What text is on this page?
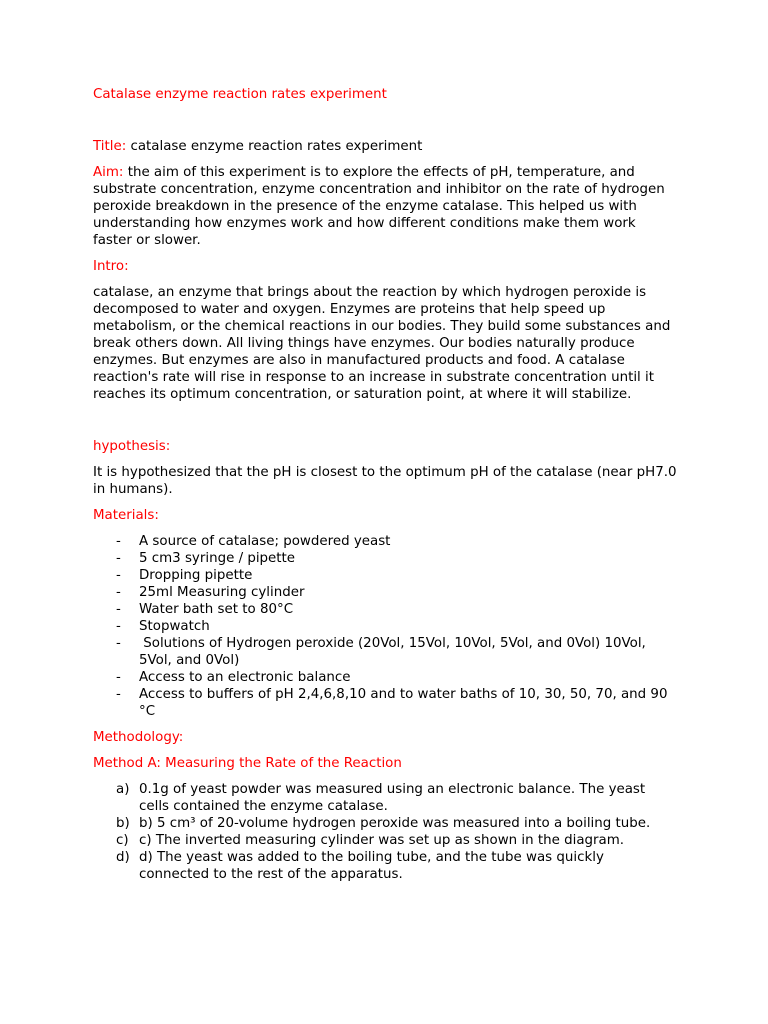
Catalase enzyme reaction rates experiment

Title: catalase enzyme reaction rates experiment

Aim: the aim of this experiment is to explore the effects of pH, temperature, and substrate concentration, enzyme concentration and inhibitor on the rate of hydrogen peroxide breakdown in the presence of the enzyme catalase. This helped us with understanding how enzymes work and how different conditions make them work faster or slower.

Intro:

catalase, an enzyme that brings about the reaction by which hydrogen peroxide is decomposed to water and oxygen. Enzymes are proteins that help speed up metabolism, or the chemical reactions in our bodies. They build some substances and break others down. All living things have enzymes. Our bodies naturally produce enzymes. But enzymes are also in manufactured products and food. A catalase reaction's rate will rise in response to an increase in substrate concentration until it reaches its optimum concentration, or saturation point, at where it will stabilize.

hypothesis:

It is hypothesized that the pH is closest to the optimum pH of the catalase (near pH7.0 in humans).

Materials:

- A source of catalase; powdered yeast
- 5 cm3 syringe / pipette
- Dropping pipette
- 25ml Measuring cylinder
- Water bath set to 80°C
- Stopwatch
- Solutions of Hydrogen peroxide (20Vol, 15Vol, 10Vol, 5Vol, and 0Vol) 10Vol, 5Vol, and 0Vol)
- Access to an electronic balance
- Access to buffers of pH 2,4,6,8,10 and to water baths of 10, 30, 50, 70, and 90 °C

Methodology:

Method A: Measuring the Rate of the Reaction

a) 0.1g of yeast powder was measured using an electronic balance. The yeast cells contained the enzyme catalase.
b) b) 5 cm³ of 20-volume hydrogen peroxide was measured into a boiling tube.
c) c) The inverted measuring cylinder was set up as shown in the diagram.
d) d) The yeast was added to the boiling tube, and the tube was quickly connected to the rest of the apparatus.
